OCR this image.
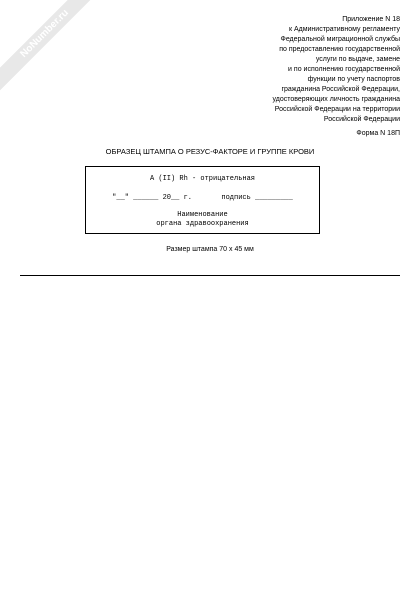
NoNumber.ru	Приложение N 18
к Административному регламенту
Федеральной миграционной службы
по предоставлению государственной
услуги по выдаче, замене
и по исполнению государственной
функции по учету паспортов
гражданина Российской Федерации,
удостоверяющих личность гражданина
Российской Федерации на территории
Российской Федерации
Форма N 18П
ОБРАЗЕЦ ШТАМПА О РЕЗУС-ФАКТОРЕ И ГРУППЕ КРОВИ
А (II) Rh - отрицательная
"__" ______ 20__ г.       подпись _________
Наименование
органа здравоохранения
Размер штампа 70 x 45 мм
